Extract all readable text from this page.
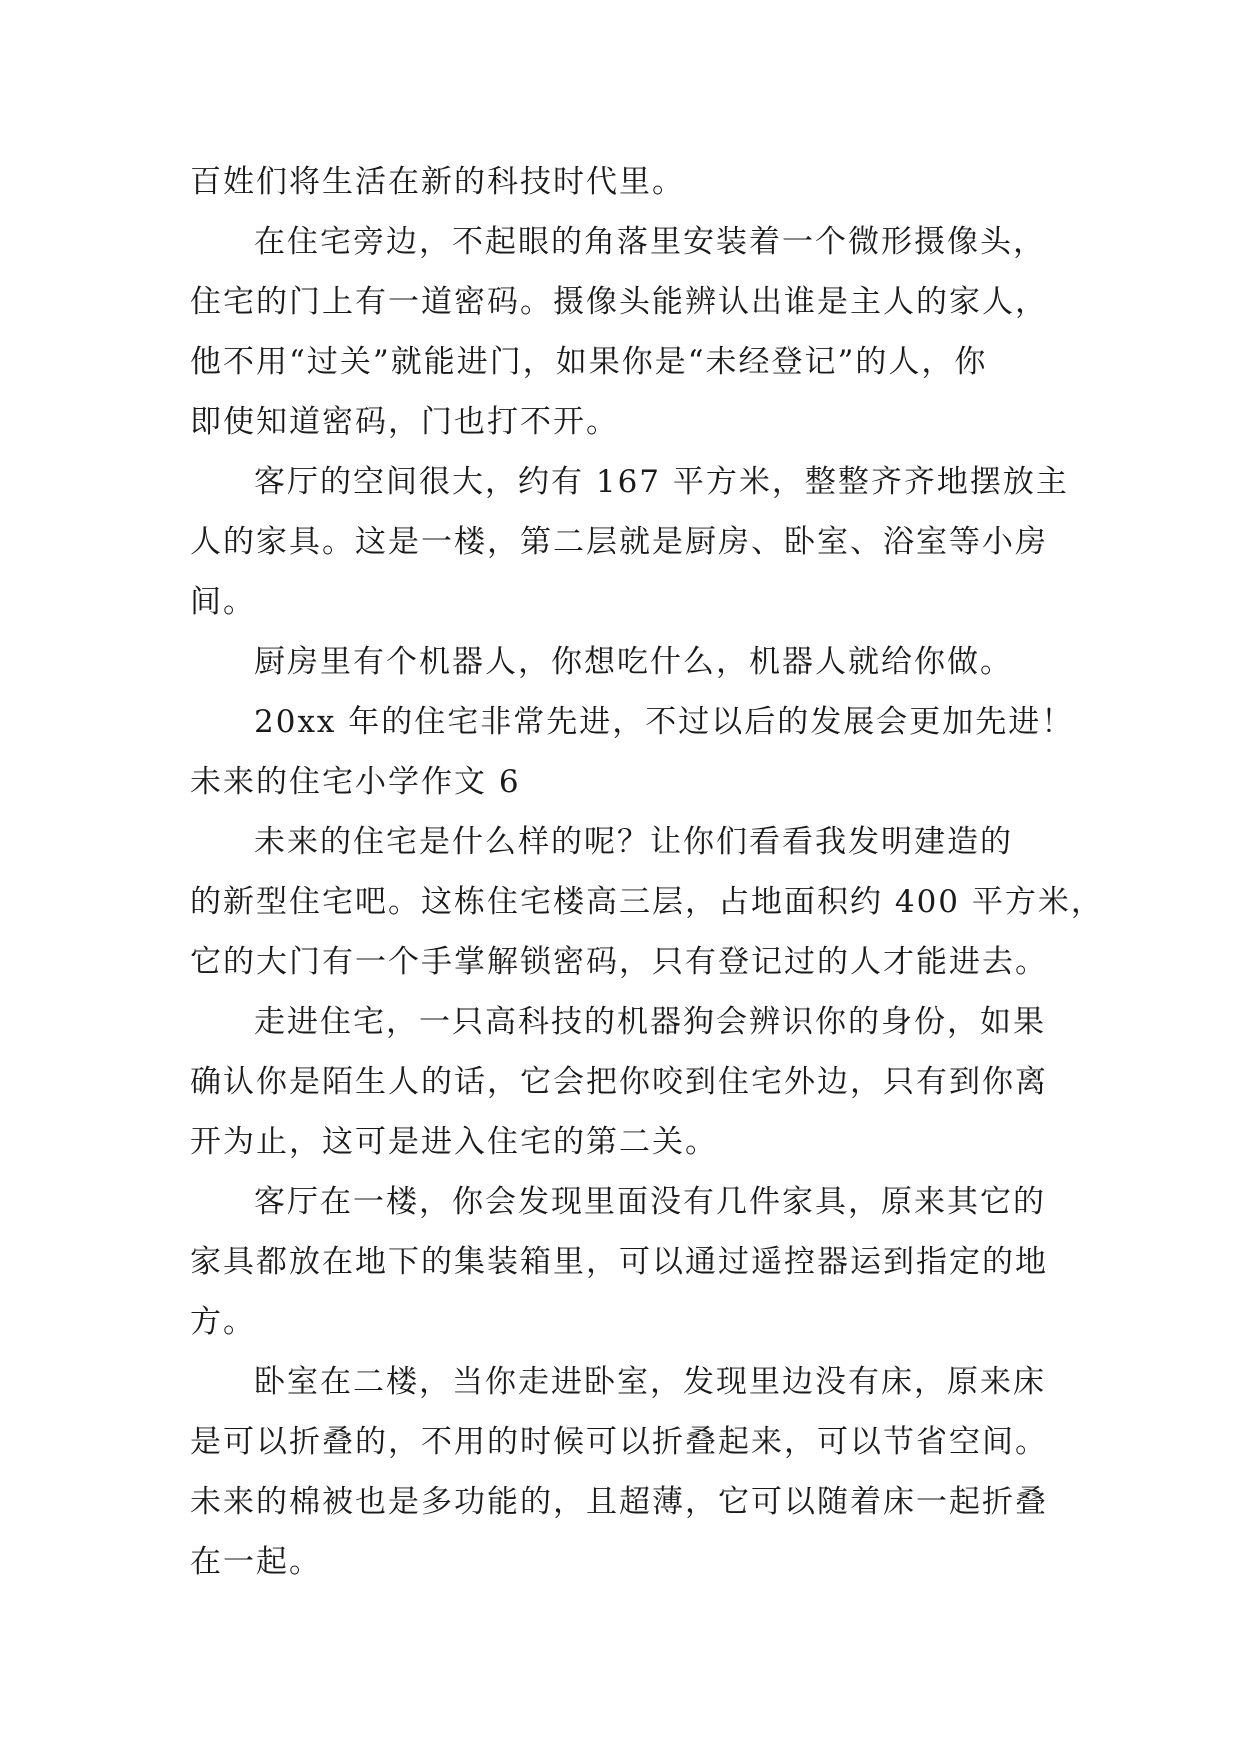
百姓们将生活在新的科技时代里。
在住宅旁边，不起眼的角落里安装着一个微形摄像头，
住宅的门上有一道密码。摄像头能辨认出谁是主人的家人，
他不用“过关”就能进门，如果你是“未经登记”的人，你
即使知道密码，门也打不开。
客厅的空间很大，约有 167 平方米，整整齐齐地摆放主
人的家具。这是一楼，第二层就是厨房、卧室、浴室等小房
间。
厨房里有个机器人，你想吃什么，机器人就给你做。
20xx 年的住宅非常先进，不过以后的发展会更加先进！
未来的住宅小学作文 6
未来的住宅是什么样的呢？让你们看看我发明建造的
的新型住宅吧。这栋住宅楼高三层，占地面积约 400 平方米，
它的大门有一个手掌解锁密码，只有登记过的人才能进去。
走进住宅，一只高科技的机器狗会辨识你的身份，如果
确认你是陌生人的话，它会把你咬到住宅外边，只有到你离
开为止，这可是进入住宅的第二关。
客厅在一楼，你会发现里面没有几件家具，原来其它的
家具都放在地下的集装箱里，可以通过遥控器运到指定的地
方。
卧室在二楼，当你走进卧室，发现里边没有床，原来床
是可以折叠的，不用的时候可以折叠起来，可以节省空间。
未来的棉被也是多功能的，且超薄，它可以随着床一起折叠
在一起。
